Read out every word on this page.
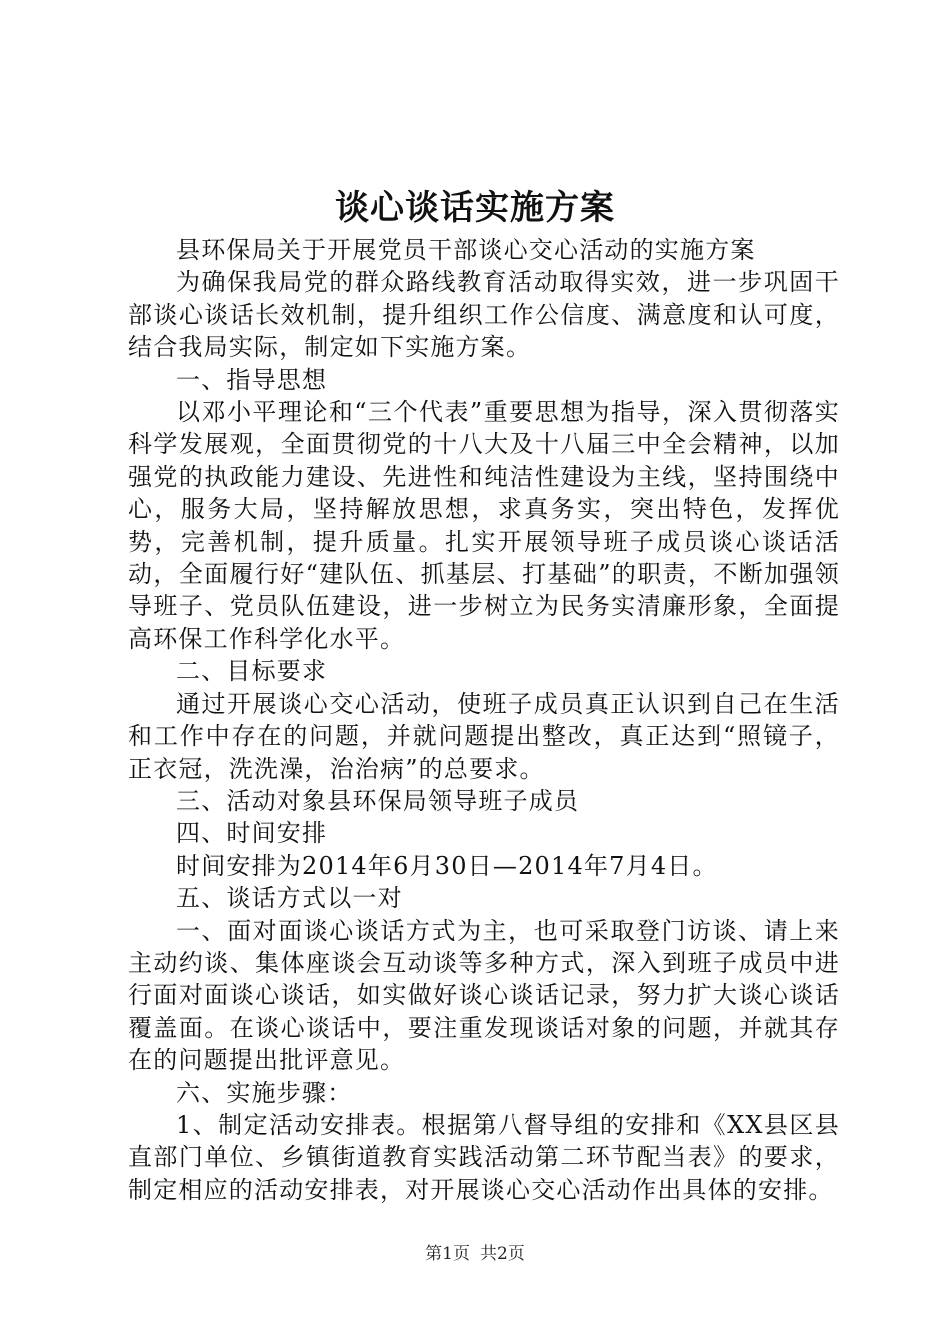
谈心谈话实施方案

县环保局关于开展党员干部谈心交心活动的实施方案

为确保我局党的群众路线教育活动取得实效，进一步巩固干部谈心谈话长效机制，提升组织工作公信度、满意度和认可度，结合我局实际，制定如下实施方案。

一、指导思想

以邓小平理论和“三个代表”重要思想为指导，深入贯彻落实科学发展观，全面贯彻党的十八大及十八届三中全会精神，以加强党的执政能力建设、先进性和纯洁性建设为主线，坚持围绕中心，服务大局，坚持解放思想，求真务实，突出特色，发挥优势，完善机制，提升质量。扎实开展领导班子成员谈心谈话活动，全面履行好“建队伍、抓基层、打基础”的职责，不断加强领导班子、党员队伍建设，进一步树立为民务实清廉形象，全面提高环保工作科学化水平。

二、目标要求

通过开展谈心交心活动，使班子成员真正认识到自己在生活和工作中存在的问题，并就问题提出整改，真正达到“照镜子，正衣冠，洗洗澡，治治病”的总要求。

三、活动对象县环保局领导班子成员

四、时间安排

时间安排为2014年6月30日—2014年7月4日。

五、谈话方式以一对

一、面对面谈心谈话方式为主，也可采取登门访谈、请上来主动约谈、集体座谈会互动谈等多种方式，深入到班子成员中进行面对面谈心谈话，如实做好谈心谈话记录，努力扩大谈心谈话覆盖面。在谈心谈话中，要注重发现谈话对象的问题，并就其存在的问题提出批评意见。

六、实施步骤：

1、制定活动安排表。根据第八督导组的安排和《XX县区县直部门单位、乡镇街道教育实践活动第二环节配当表》的要求，制定相应的活动安排表，对开展谈心交心活动作出具体的安排。

第1页 共2页
